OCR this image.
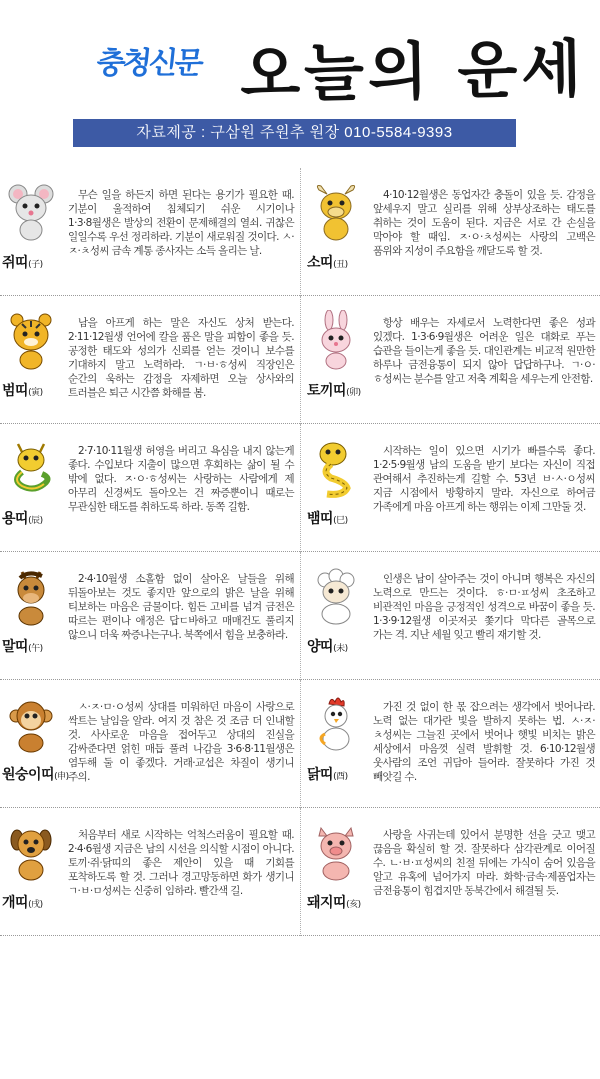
충청신문 오늘의 운세
자료제공 : 구삼원 주원추 원장 010-5584-9393
쥐띠(子)
무슨 일을 하든지 하면 된다는 용기가 필요한 때. 기분이 울적하여 침체되기 쉬운 시기이나 1·3·8월생은 발상의 전환이 문제해결의 열쇠. 귀찮은 일일수록 우선 정리하라. 기분이 새로워질 것이다. ㅅ·ㅈ·ㅊ성씨 금속 계통 종사자는 소득 올리는 날.
소띠(丑)
4·10·12월생은 동업자간 충돌이 있을 듯. 감정을 앞세우지 말고 실리를 위해 상부상조하는 태도를 취하는 것이 도움이 된다. 지금은 서로 간 손실을 막아야 할 때임. ㅈ·ㅇ·ㅊ성씨는 사랑의 고백은 품위와 지성이 주요함을 깨닫도록 할 것.
범띠(寅)
남을 아프게 하는 말은 자신도 상처 받는다. 2·11·12월생 언어에 칼을 품은 말을 피함이 좋을 듯. 공정한 태도와 성의가 신뢰를 얻는 것이니 보수를 기대하지 말고 노력하라. ㄱ·ㅂ·ㅎ성씨 직장인은 순간의 욱하는 감정을 자제하면 오늘 상사와의 트러블은 퇴근 시간쯤 화해를 봄.	토끼띠(卯)
항상 배우는 자세로서 노력한다면 좋은 성과 있겠다. 1·3·6·9월생은 어려운 일은 대화로 푸는 습관을 들이는게 좋을 듯. 대인관계는 비교적 원만한 하루나 금전융통이 되지 않아 답답하구나. ㄱ·ㅇ·ㅎ성씨는 분수를 알고 저축 계획을 세우는게 안전함.
용띠(辰)
2·7·10·11월생 허영을 버리고 욕심을 내지 않는게 좋다. 수입보다 지출이 많으면 후회하는 삶이 될 수 밖에 없다. ㅈ·ㅇ·ㅎ성씨는 사랑하는 사람에게 제 아무리 신경써도 돌아오는 건 짜증뿐이니 때로는 무관심한 태도를 취하도록 하라. 동쪽 길함.
뱀띠(巳)
시작하는 일이 있으면 시기가 빠를수록 좋다. 1·2·5·9월생 남의 도움을 받기 보다는 자신이 직접 관여해서 추진하는게 길할 수. 53년 ㅂ·ㅅ·ㅇ성씨 지금 시점에서 방황하지 말라. 자신으로 하여금 가족에게 마음 아프게 하는 행위는 이제 그만둘 것.
말띠(午)
2·4·10월생 소홀함 없이 살아온 날들을 위해 뒤돌아보는 것도 좋지만 앞으로의 밝은 날을 위해 티보하는 마음은 금물이다. 힘든 고비를 넘겨 금전은 따르는 편이나 애정은 답ㄷ바하고 매매건도 풀리지 않으니 더욱 짜증나는구나. 북쪽에서 힘을 보충하라.
양띠(未)
인생은 남이 살아주는 것이 아니며 행복은 자신의 노력으로 만드는 것이다. ㅎ·ㅁ·ㅍ성씨 초조하고 비관적인 마음을 긍정적인 성격으로 바꿈이 좋을 듯. 1·3·9·12월생 이곳저곳 쫓기다 막다른 골목으로 가는 격. 지난 세월 잊고 빨리 재기할 것.
원숭이띠(申)
ㅅ·ㅈ·ㅁ·ㅇ성씨 상대를 미워하던 마음이 사랑으로 싹트는 날임을 알라. 여지 것 참은 것 조금 더 인내할 것. 사사로운 마음을 접어두고 상대의 진실을 감싸준다면 얽힌 매듭 풀려 나감을 3·6·8·11월생은 염두해 둘 이 좋겠다. 거래·교섭은 차질이 생기니 주의.	닭띠(酉)
가진 것 없이 한 몫 잡으려는 생각에서 벗어나라. 노력 없는 대가란 빛을 발하지 못하는 법. ㅅ·ㅈ·ㅊ성씨는 그늘진 곳에서 벗어나 햇빛 비치는 밝은 세상에서 마음껏 실력 발휘할 것. 6·10·12월생 웃사람의 조언 귀담아 들어라. 잘못하다 가진 것 빼앗길 수.
개띠(戌)
처음부터 새로 시작하는 억척스러움이 필요할 때. 2·4·6월생 지금은 남의 시선을 의식할 시점이 아니다. 토끼·쥐·닭띠의 좋은 제안이 있을 때 기회를 포착하도록 할 것. 그러나 경고망동하면 화가 생기니 ㄱ·ㅂ·ㅁ성씨는 신중히 임하라. 빨간색 길.
돼지띠(亥)
사랑을 사귀는데 있어서 분명한 선을 긋고 맺고 끊음을 확실히 할 것. 잘못하다 삼각관계로 이어질 수. ㄴ·ㅂ·ㅍ성씨의 친절 뒤에는 가식이 숨어 있음을 알고 유혹에 넘어가지 마라. 화학·금속·제품업자는 금전융통이 힘겹지만 동북간에서 해결될 듯.
